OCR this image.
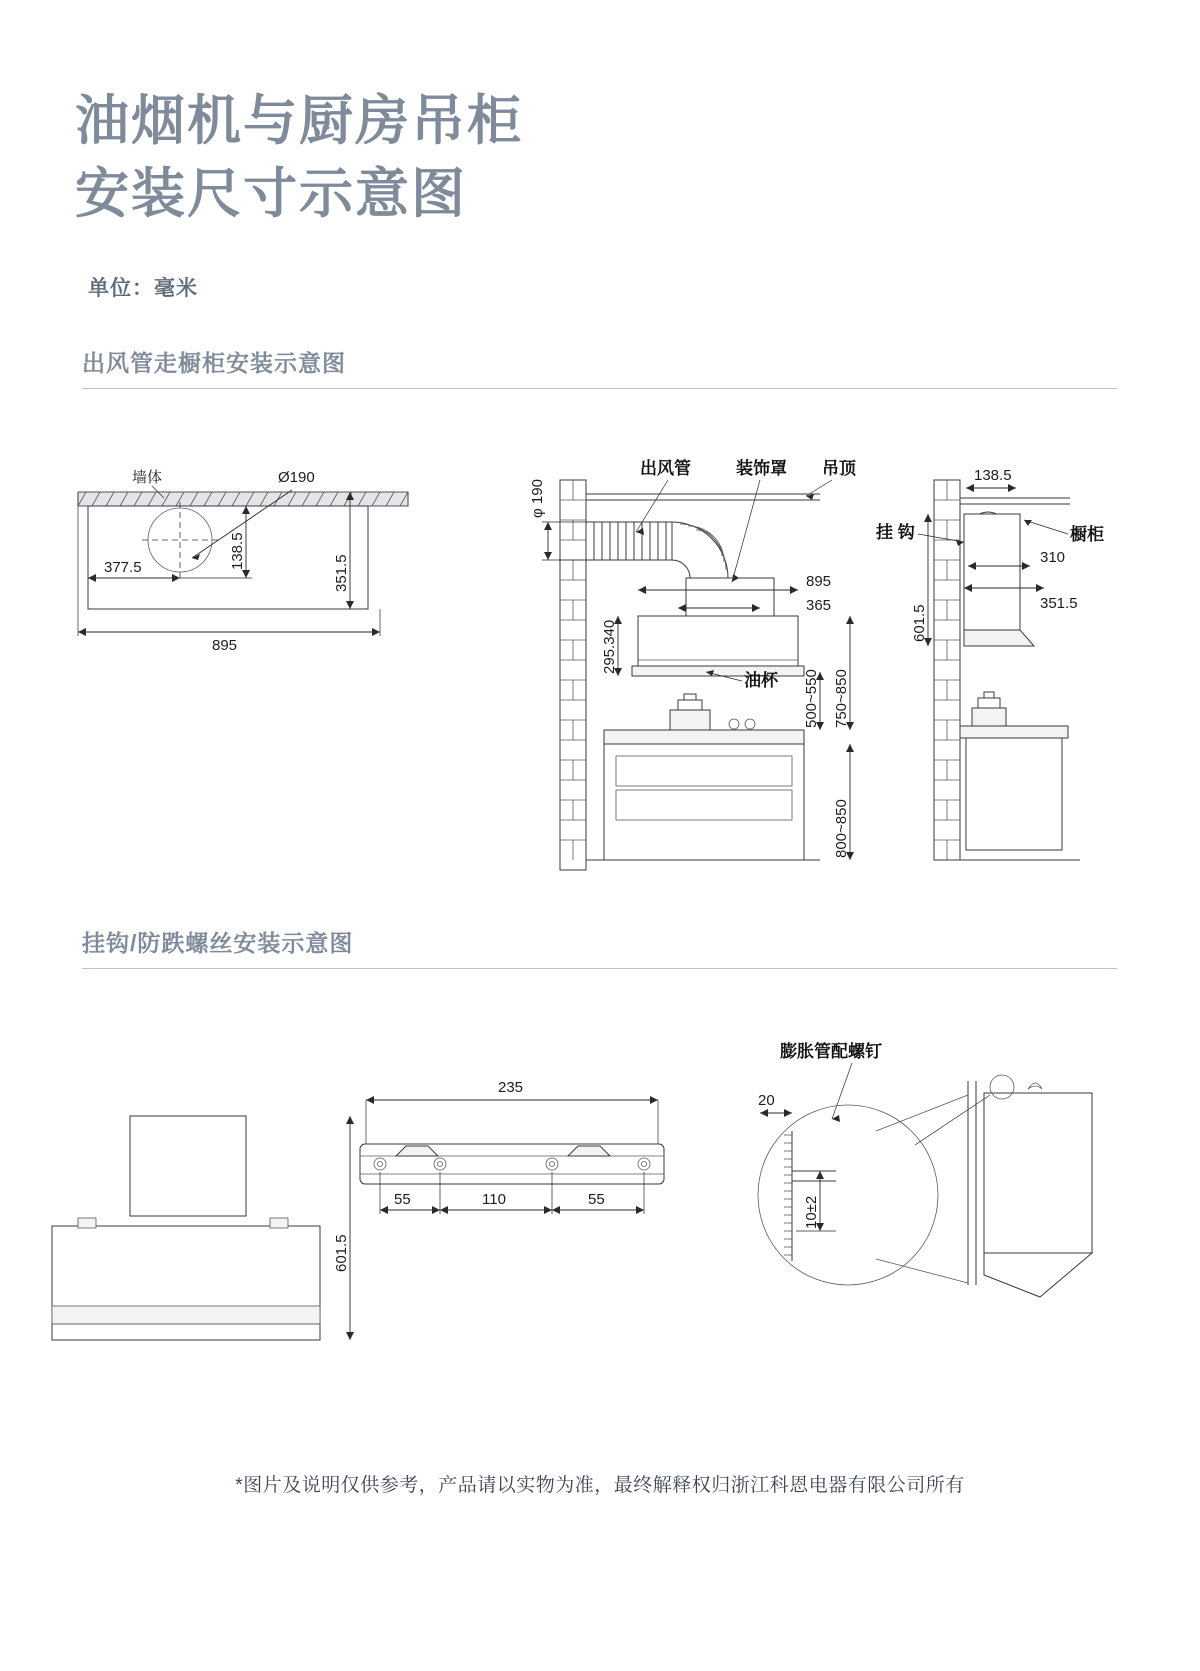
油烟机与厨房吊柜
安装尺寸示意图
单位：毫米
出风管走橱柜安装示意图
Ø190
墙体
138.5
351.5
377.5
895
φ 190
出风管	装饰罩 吊顶
895
365
295.340
油杯 500~550 750~850
800~850
138.5
601.5
310
351.5
挂 钩	橱柜
挂钩/防跌螺丝安装示意图
601.5
235
55	110	55
膨胀管配螺钉
20
10±2
*图片及说明仅供参考，产品请以实物为准，最终解释权归浙江科恩电器有限公司所有
